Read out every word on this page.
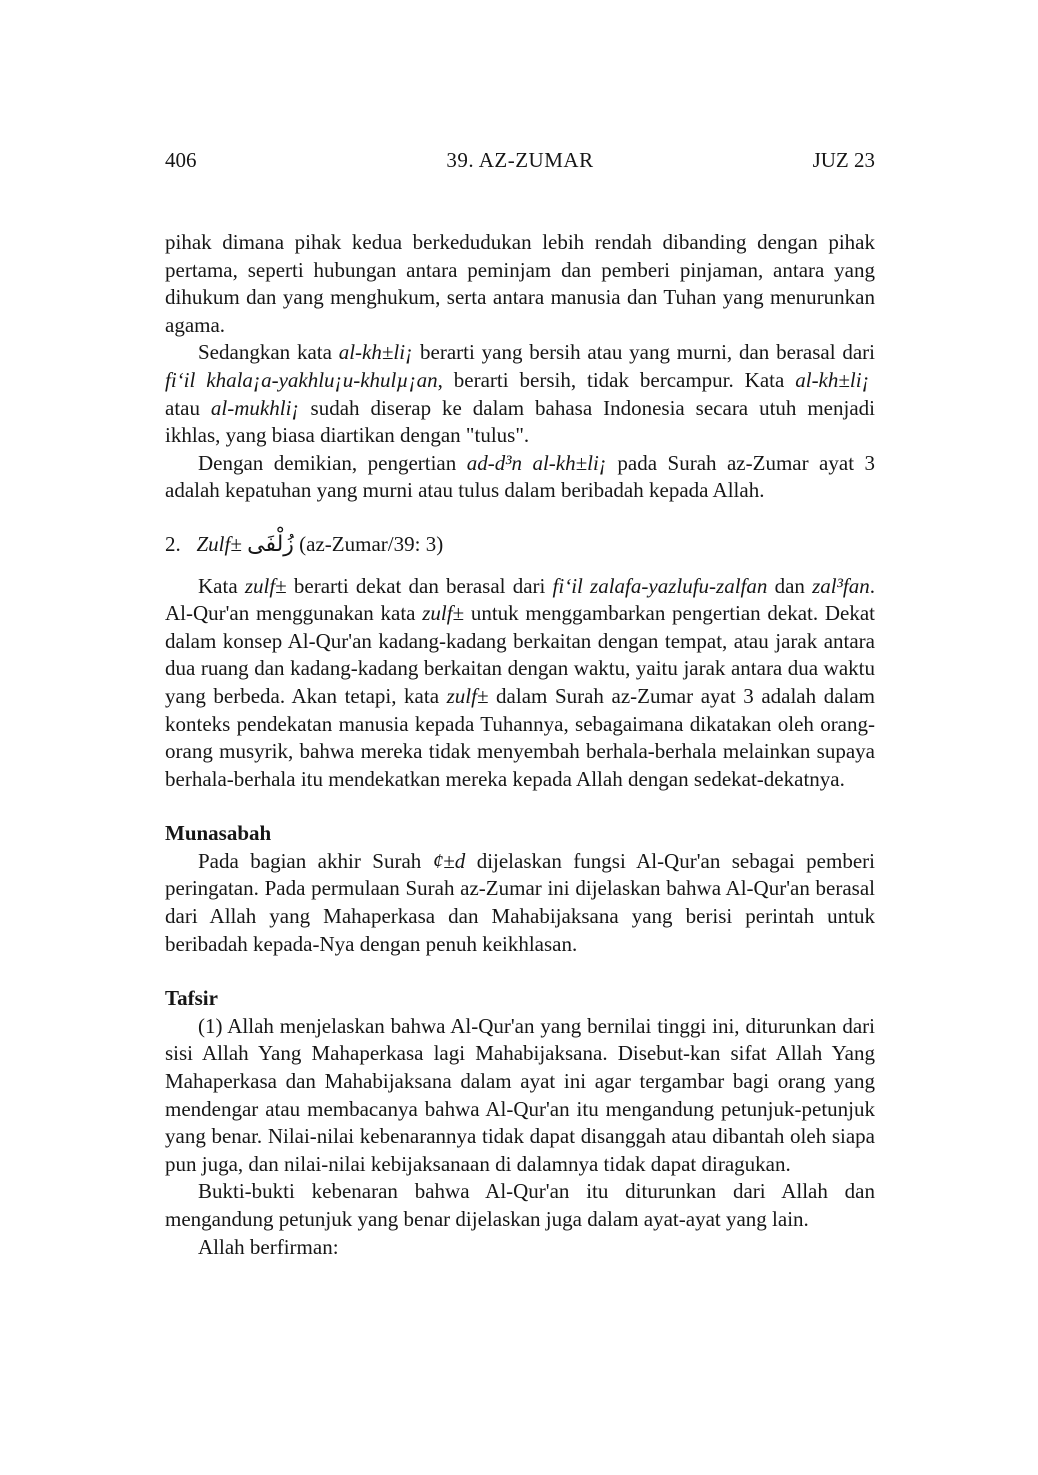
406	39. AZ-ZUMAR	JUZ 23

pihak dimana pihak kedua berkedudukan lebih rendah dibanding dengan pihak pertama, seperti hubungan antara peminjam dan pemberi pinjaman, antara yang dihukum dan yang menghukum, serta antara manusia dan Tuhan yang menurunkan agama.

Sedangkan kata al-kh±li¡ berarti yang bersih atau yang murni, dan berasal dari fi‘il khala¡a-yakhlu¡u-khulµ¡an, berarti bersih, tidak bercampur. Kata al-kh±li¡  atau al-mukhli¡ sudah diserap ke dalam bahasa Indonesia secara utuh menjadi ikhlas, yang biasa diartikan dengan "tulus".

Dengan demikian, pengertian ad-d³n al-kh±li¡ pada Surah az-Zumar ayat 3 adalah kepatuhan yang murni atau tulus dalam beribadah kepada Allah.

2.   Zulf± زُلْفَى (az-Zumar/39: 3)

Kata zulf± berarti dekat dan berasal dari fi‘il zalafa-yazlufu-zalfan dan zal³fan. Al-Qur'an menggunakan kata zulf± untuk menggambarkan pengertian dekat. Dekat dalam konsep Al-Qur'an kadang-kadang berkaitan dengan tempat, atau jarak antara dua ruang dan kadang-kadang berkaitan dengan waktu, yaitu jarak antara dua waktu yang berbeda. Akan tetapi, kata zulf± dalam Surah az-Zumar ayat 3 adalah dalam konteks pendekatan manusia kepada Tuhannya, sebagaimana dikatakan oleh orang-orang musyrik, bahwa mereka tidak menyembah berhala-berhala melainkan supaya berhala-berhala itu mendekatkan mereka kepada Allah dengan sedekat-dekatnya.

Munasabah

Pada bagian akhir Surah ¢±d dijelaskan fungsi Al-Qur'an sebagai pemberi peringatan. Pada permulaan Surah az-Zumar ini dijelaskan bahwa Al-Qur'an berasal dari Allah yang Mahaperkasa dan Mahabijaksana yang berisi perintah untuk beribadah kepada-Nya dengan penuh keikhlasan.

Tafsir

(1) Allah menjelaskan bahwa Al-Qur'an yang bernilai tinggi ini, diturunkan dari sisi Allah Yang Mahaperkasa lagi Mahabijaksana. Disebut-kan sifat Allah Yang Mahaperkasa dan Mahabijaksana dalam ayat ini agar tergambar bagi orang yang mendengar atau membacanya bahwa Al-Qur'an itu mengandung petunjuk-petunjuk yang benar. Nilai-nilai kebenarannya tidak dapat disanggah atau dibantah oleh siapa pun juga, dan nilai-nilai kebijaksanaan di dalamnya tidak dapat diragukan.

Bukti-bukti kebenaran bahwa Al-Qur'an itu diturunkan dari Allah dan mengandung petunjuk yang benar dijelaskan juga dalam ayat-ayat yang lain.

Allah berfirman:
